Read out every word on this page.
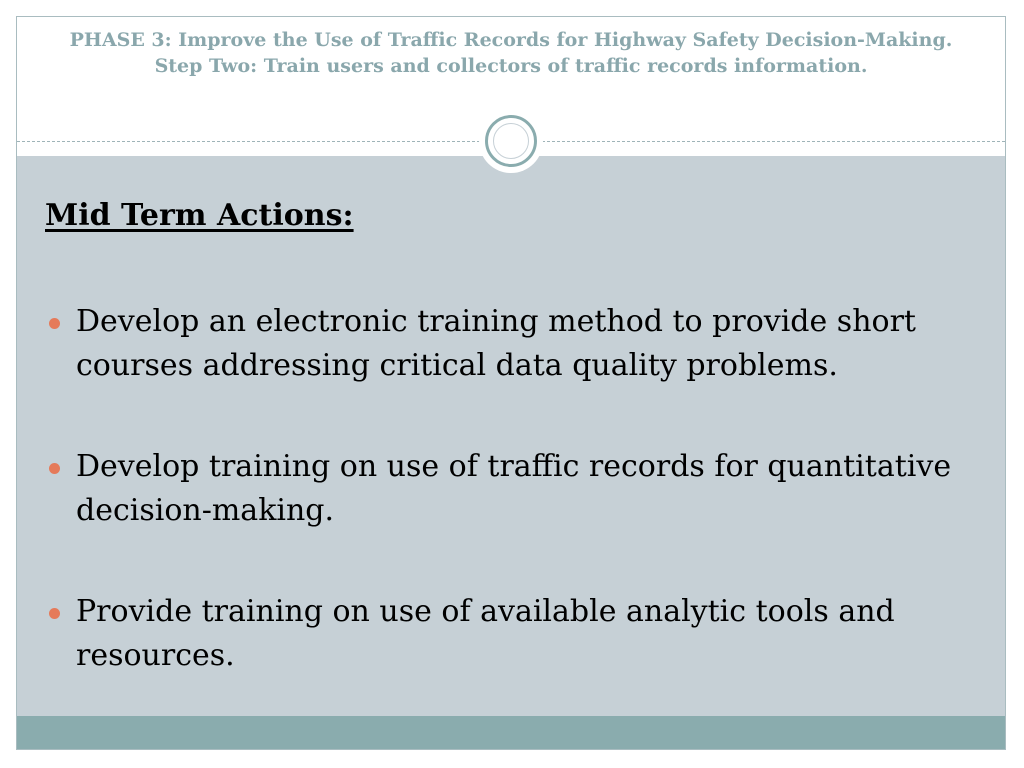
PHASE 3: Improve the Use of Traffic Records for Highway Safety Decision-Making.
Step Two: Train users and collectors of traffic records information.
Mid Term Actions:
Develop an electronic training method to provide short courses addressing critical data quality problems.
Develop training on use of traffic records for quantitative decision-making.
Provide training on use of available analytic tools and resources.
